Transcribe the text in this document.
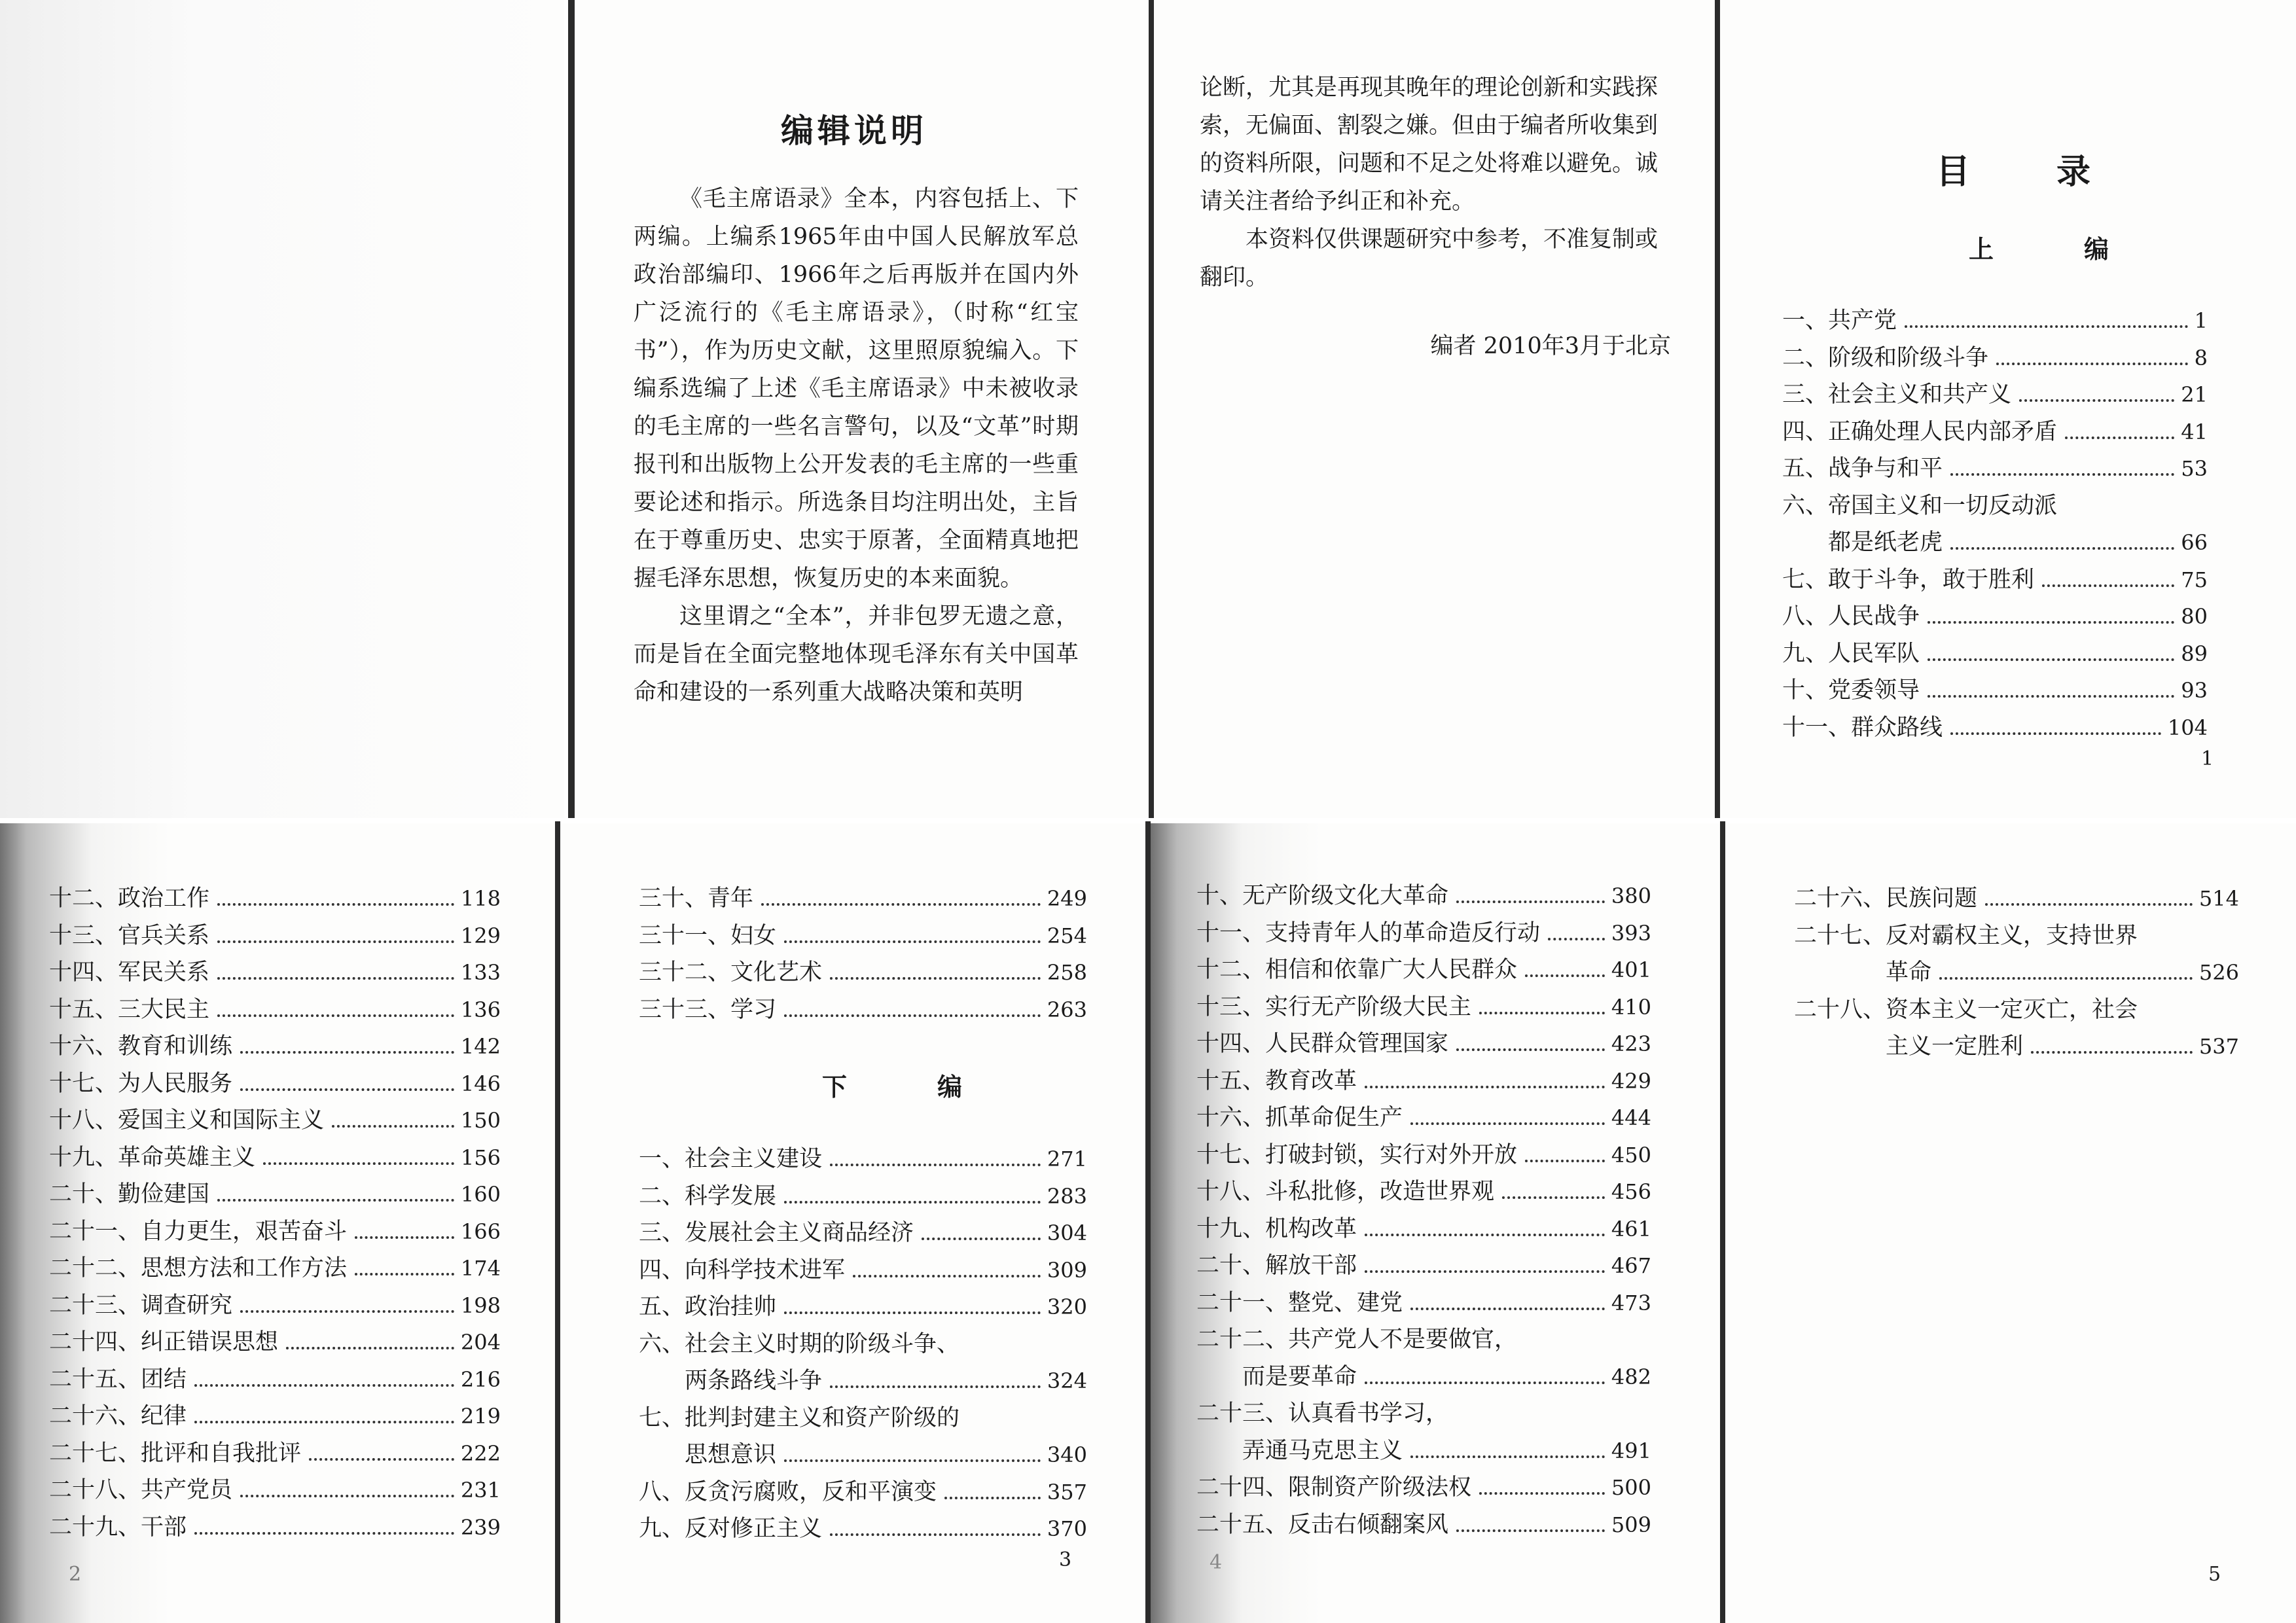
编辑说明

《毛主席语录》全本，内容包括上、下两编。上编系1965年由中国人民解放军总政治部编印、1966年之后再版并在国内外广泛流行的《毛主席语录》，（时称“红宝书”），作为历史文献，这里照原貌编入。下编系选编了上述《毛主席语录》中未被收录的毛主席的一些名言警句，以及“文革”时期报刊和出版物上公开发表的毛主席的一些重要论述和指示。所选条目均注明出处，主旨在于尊重历史、忠实于原著，全面精真地把握毛泽东思想，恢复历史的本来面貌。

这里谓之“全本”，并非包罗无遗之意，而是旨在全面完整地体现毛泽东有关中国革命和建设的一系列重大战略决策和英明

论断，尤其是再现其晚年的理论创新和实践探索，无偏面、割裂之嫌。但由于编者所收集到的资料所限，问题和不足之处将难以避免。诚请关注者给予纠正和补充。

本资料仅供课题研究中参考，不准复制或翻印。

编者 2010年3月于北京
目　录
上　编
一、共产党	1
二、阶级和阶级斗争	8
三、社会主义和共产义	21
四、正确处理人民内部矛盾	41
五、战争与和平	53
六、帝国主义和一切反动派
都是纸老虎	66
七、敢于斗争，敢于胜利	75
八、人民战争	80
九、人民军队	89
十、党委领导	93
十一、群众路线	104
1
十二、政治工作	118
十三、官兵关系	129
十四、军民关系	133
十五、三大民主	136
十六、教育和训练	142
十七、为人民服务	146
十八、爱国主义和国际主义	150
十九、革命英雄主义	156
二十、勤俭建国	160
二十一、自力更生，艰苦奋斗	166
二十二、思想方法和工作方法	174
二十三、调查研究	198
二十四、纠正错误思想	204
二十五、团结	216
二十六、纪律	219
二十七、批评和自我批评	222
二十八、共产党员	231
二十九、干部	239
2
三十、青年	249
三十一、妇女	254
三十二、文化艺术	258
三十三、学习	263
下　编
一、社会主义建设	271
二、科学发展	283
三、发展社会主义商品经济	304
四、向科学技术进军	309
五、政治挂帅	320
六、社会主义时期的阶级斗争、
两条路线斗争	324
七、批判封建主义和资产阶级的
思想意识	340
八、反贪污腐败，反和平演变	357
九、反对修正主义	370
3
十、无产阶级文化大革命	380
十一、支持青年人的革命造反行动	393
十二、相信和依靠广大人民群众	401
十三、实行无产阶级大民主	410
十四、人民群众管理国家	423
十五、教育改革	429
十六、抓革命促生产	444
十七、打破封锁，实行对外开放	450
十八、斗私批修，改造世界观	456
十九、机构改革	461
二十、解放干部	467
二十一、整党、建党	473
二十二、共产党人不是要做官，
而是要革命	482
二十三、认真看书学习，
弄通马克思主义	491
二十四、限制资产阶级法权	500
二十五、反击右倾翻案风	509
4
二十六、民族问题	514
二十七、反对霸权主义，支持世界
革命	526
二十八、资本主义一定灭亡，社会
主义一定胜利	537
5
